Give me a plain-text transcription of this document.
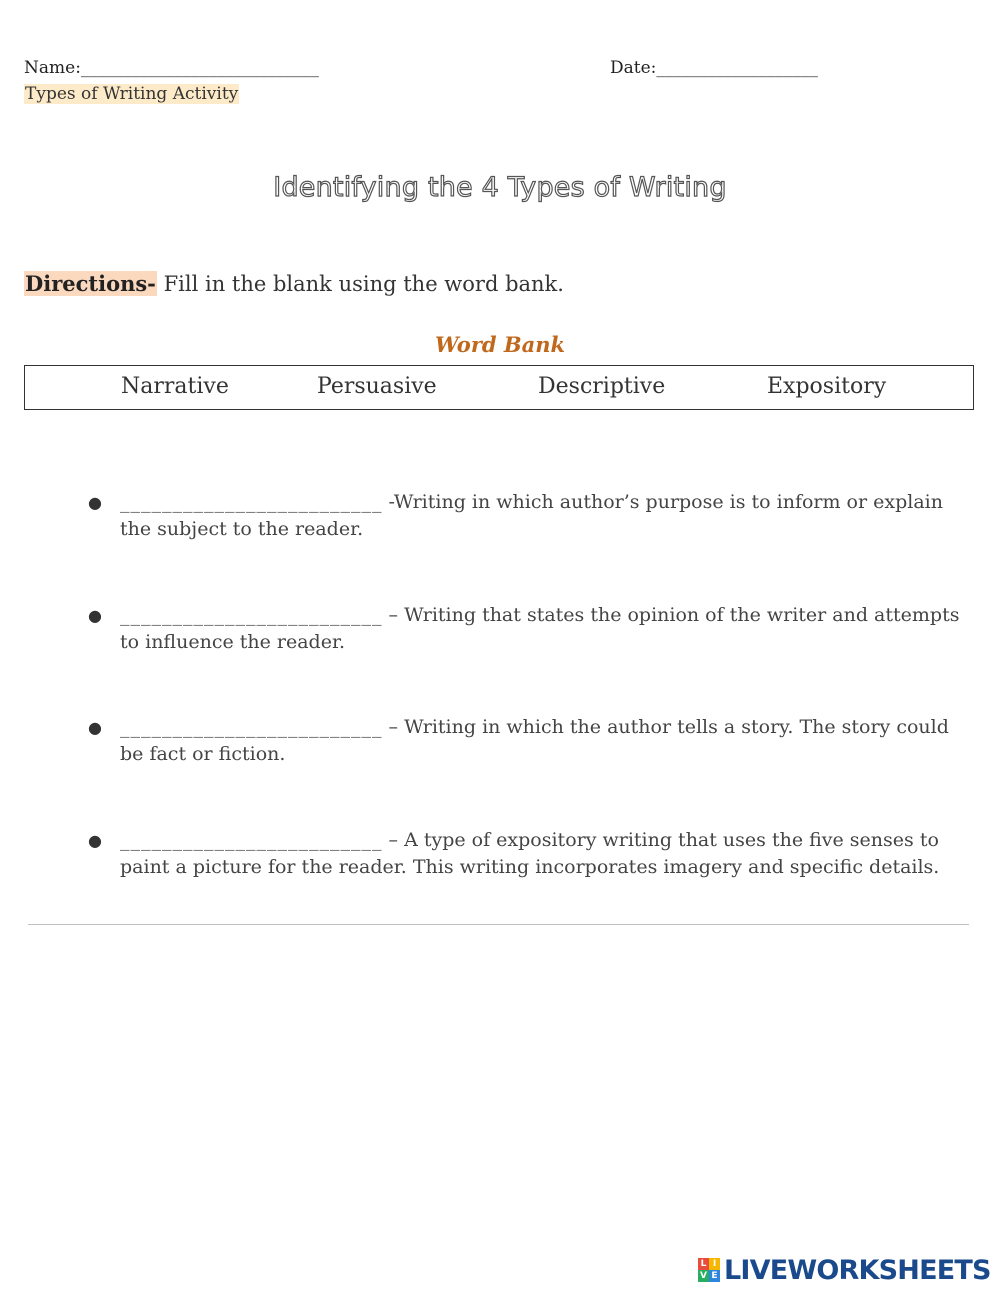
Name:____________________________	Date:___________________
Types of Writing Activity
Identifying the 4 Types of Writing
Directions- Fill in the blank using the word bank.
Word Bank
Narrative	Persuasive	Descriptive	Expository
● _________________________ -Writing in which author’s purpose is to inform or explain the subject to the reader.
● _________________________ – Writing that states the opinion of the writer and attempts to influence the reader.
● _________________________ – Writing in which the author tells a story. The story could be fact or fiction.
● _________________________ – A type of expository writing that uses the five senses to paint a picture for the reader. This writing incorporates imagery and specific details.
L I
V E LIVEWORKSHEETS
